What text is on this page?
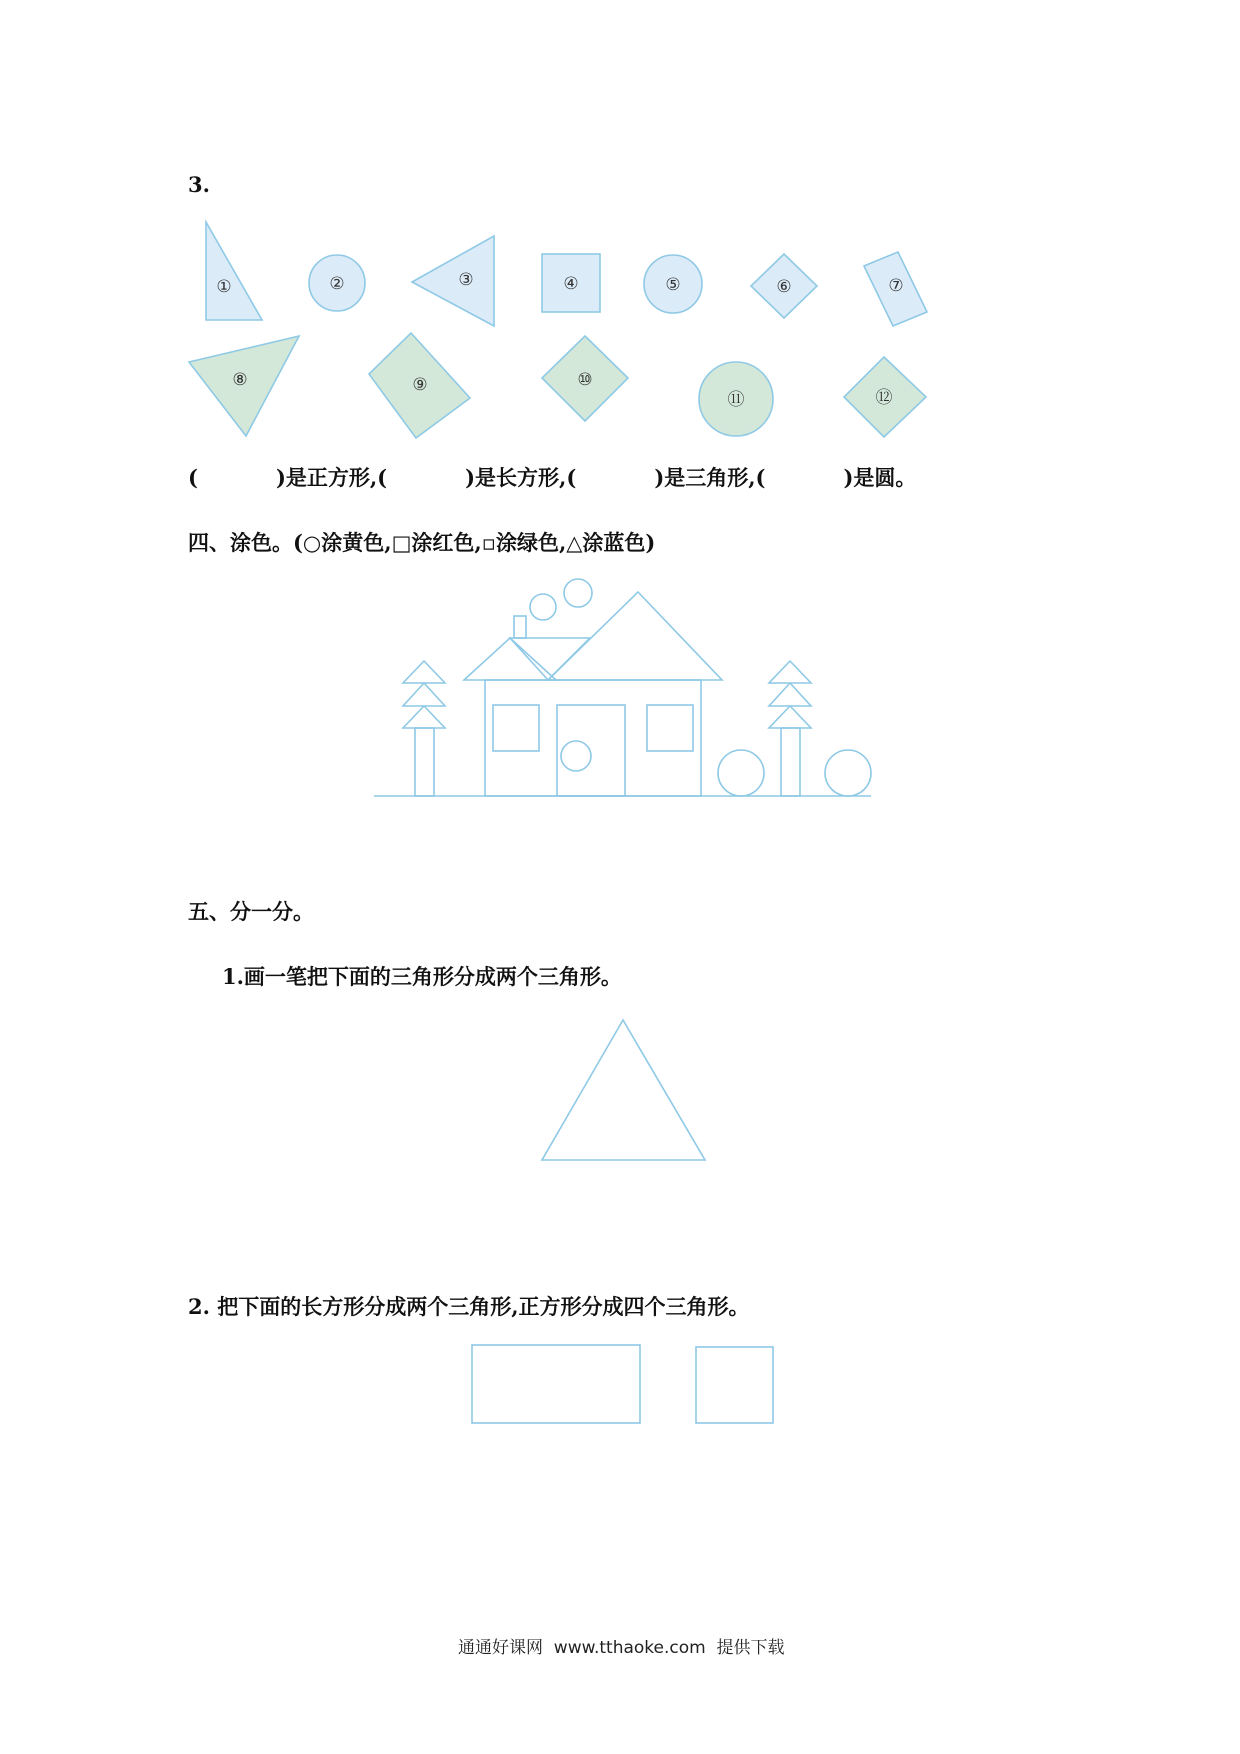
3.
①	②	③	④	⑤	⑥	⑦
⑧	⑨	⑩
⑪	⑫
(	)是正方形,(	)是长方形,(	)是三角形,(	)是圆。
四、涂色。(○涂黄色,□涂红色,▫涂绿色,△涂蓝色)
五、分一分。
1.画一笔把下面的三角形分成两个三角形。
2. 把下面的长方形分成两个三角形,正方形分成四个三角形。
通通好课网  www.tthaoke.com  提供下载
